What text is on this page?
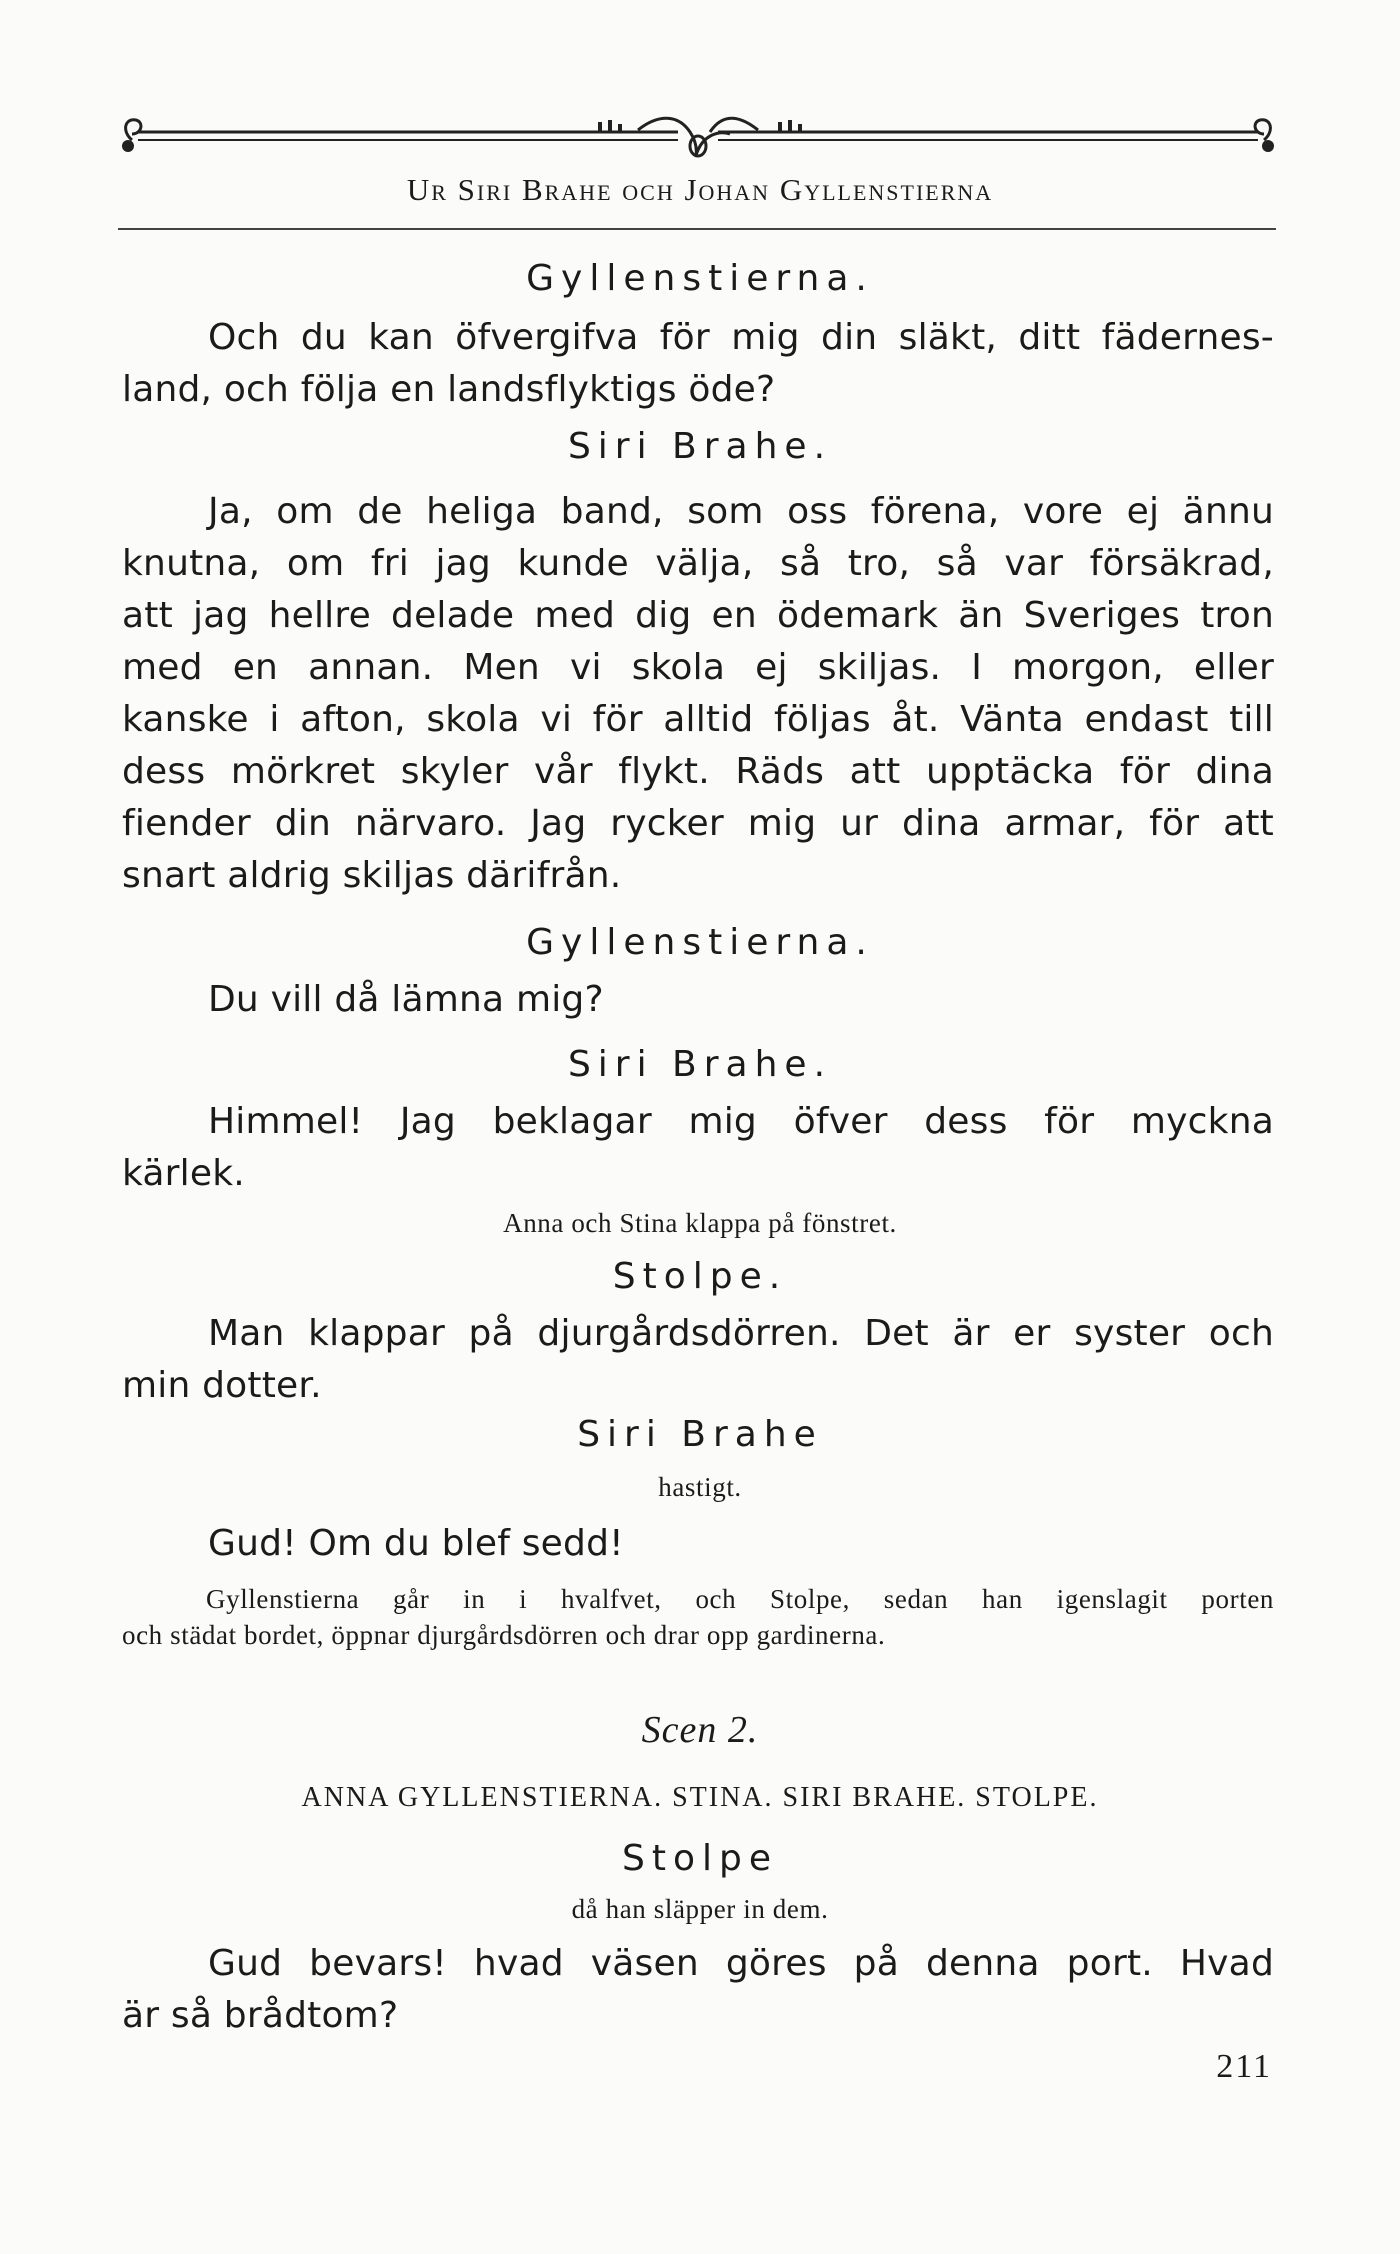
Ur Siri Brahe och Johan Gyllenstierna
Gyllenstierna.
Och du kan öfvergifva för mig din släkt, ditt fädernes-
land, och följa en landsflyktigs öde?
Siri Brahe.
Ja, om de heliga band, som oss förena, vore ej ännu
knutna, om fri jag kunde välja, så tro, så var försäkrad,
att jag hellre delade med dig en ödemark än Sveriges tron
med en annan. Men vi skola ej skiljas. I morgon, eller
kanske i afton, skola vi för alltid följas åt. Vänta endast till
dess mörkret skyler vår flykt. Räds att upptäcka för dina
fiender din närvaro. Jag rycker mig ur dina armar, för att
snart aldrig skiljas därifrån.
Gyllenstierna.
Du vill då lämna mig?
Siri Brahe.
Himmel! Jag beklagar mig öfver dess för myckna
kärlek.
Anna och Stina klappa på fönstret.
Stolpe.
Man klappar på djurgårdsdörren. Det är er syster och
min dotter.
Siri Brahe
hastigt.
Gud! Om du blef sedd!
Gyllenstierna går in i hvalfvet, och Stolpe, sedan han igenslagit porten
och städat bordet, öppnar djurgårdsdörren och drar opp gardinerna.
Scen 2.
ANNA GYLLENSTIERNA. STINA. SIRI BRAHE. STOLPE.
Stolpe
då han släpper in dem.
Gud bevars! hvad väsen göres på denna port. Hvad
är så brådtom?
211
